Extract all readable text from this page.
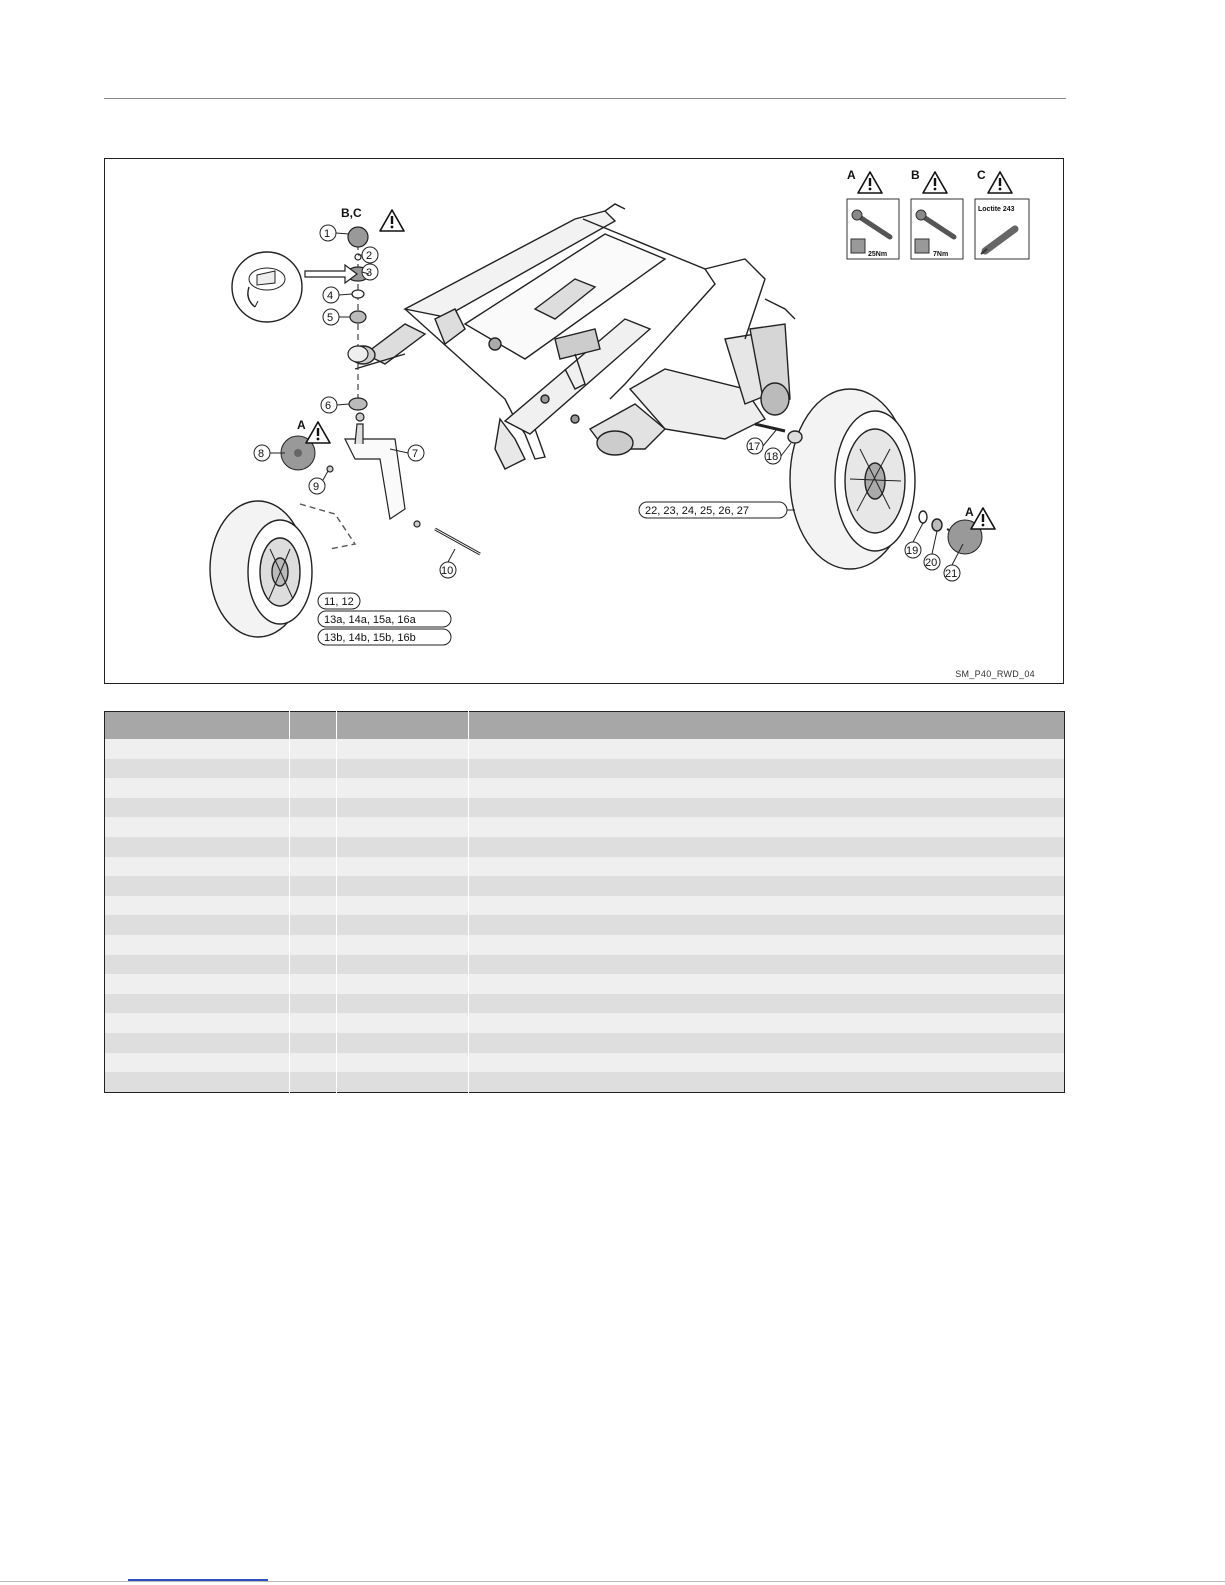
A
25Nm
B
7Nm
C
Loctite 243
B,C
A
A
1
2
3
4
5
6
7
8
9
10
11, 12
13a, 14a, 15a, 16a
13b, 14b, 15b, 16b
17
18
19
20
21
22, 23, 24, 25, 26, 27
SM_P40_RWD_04
